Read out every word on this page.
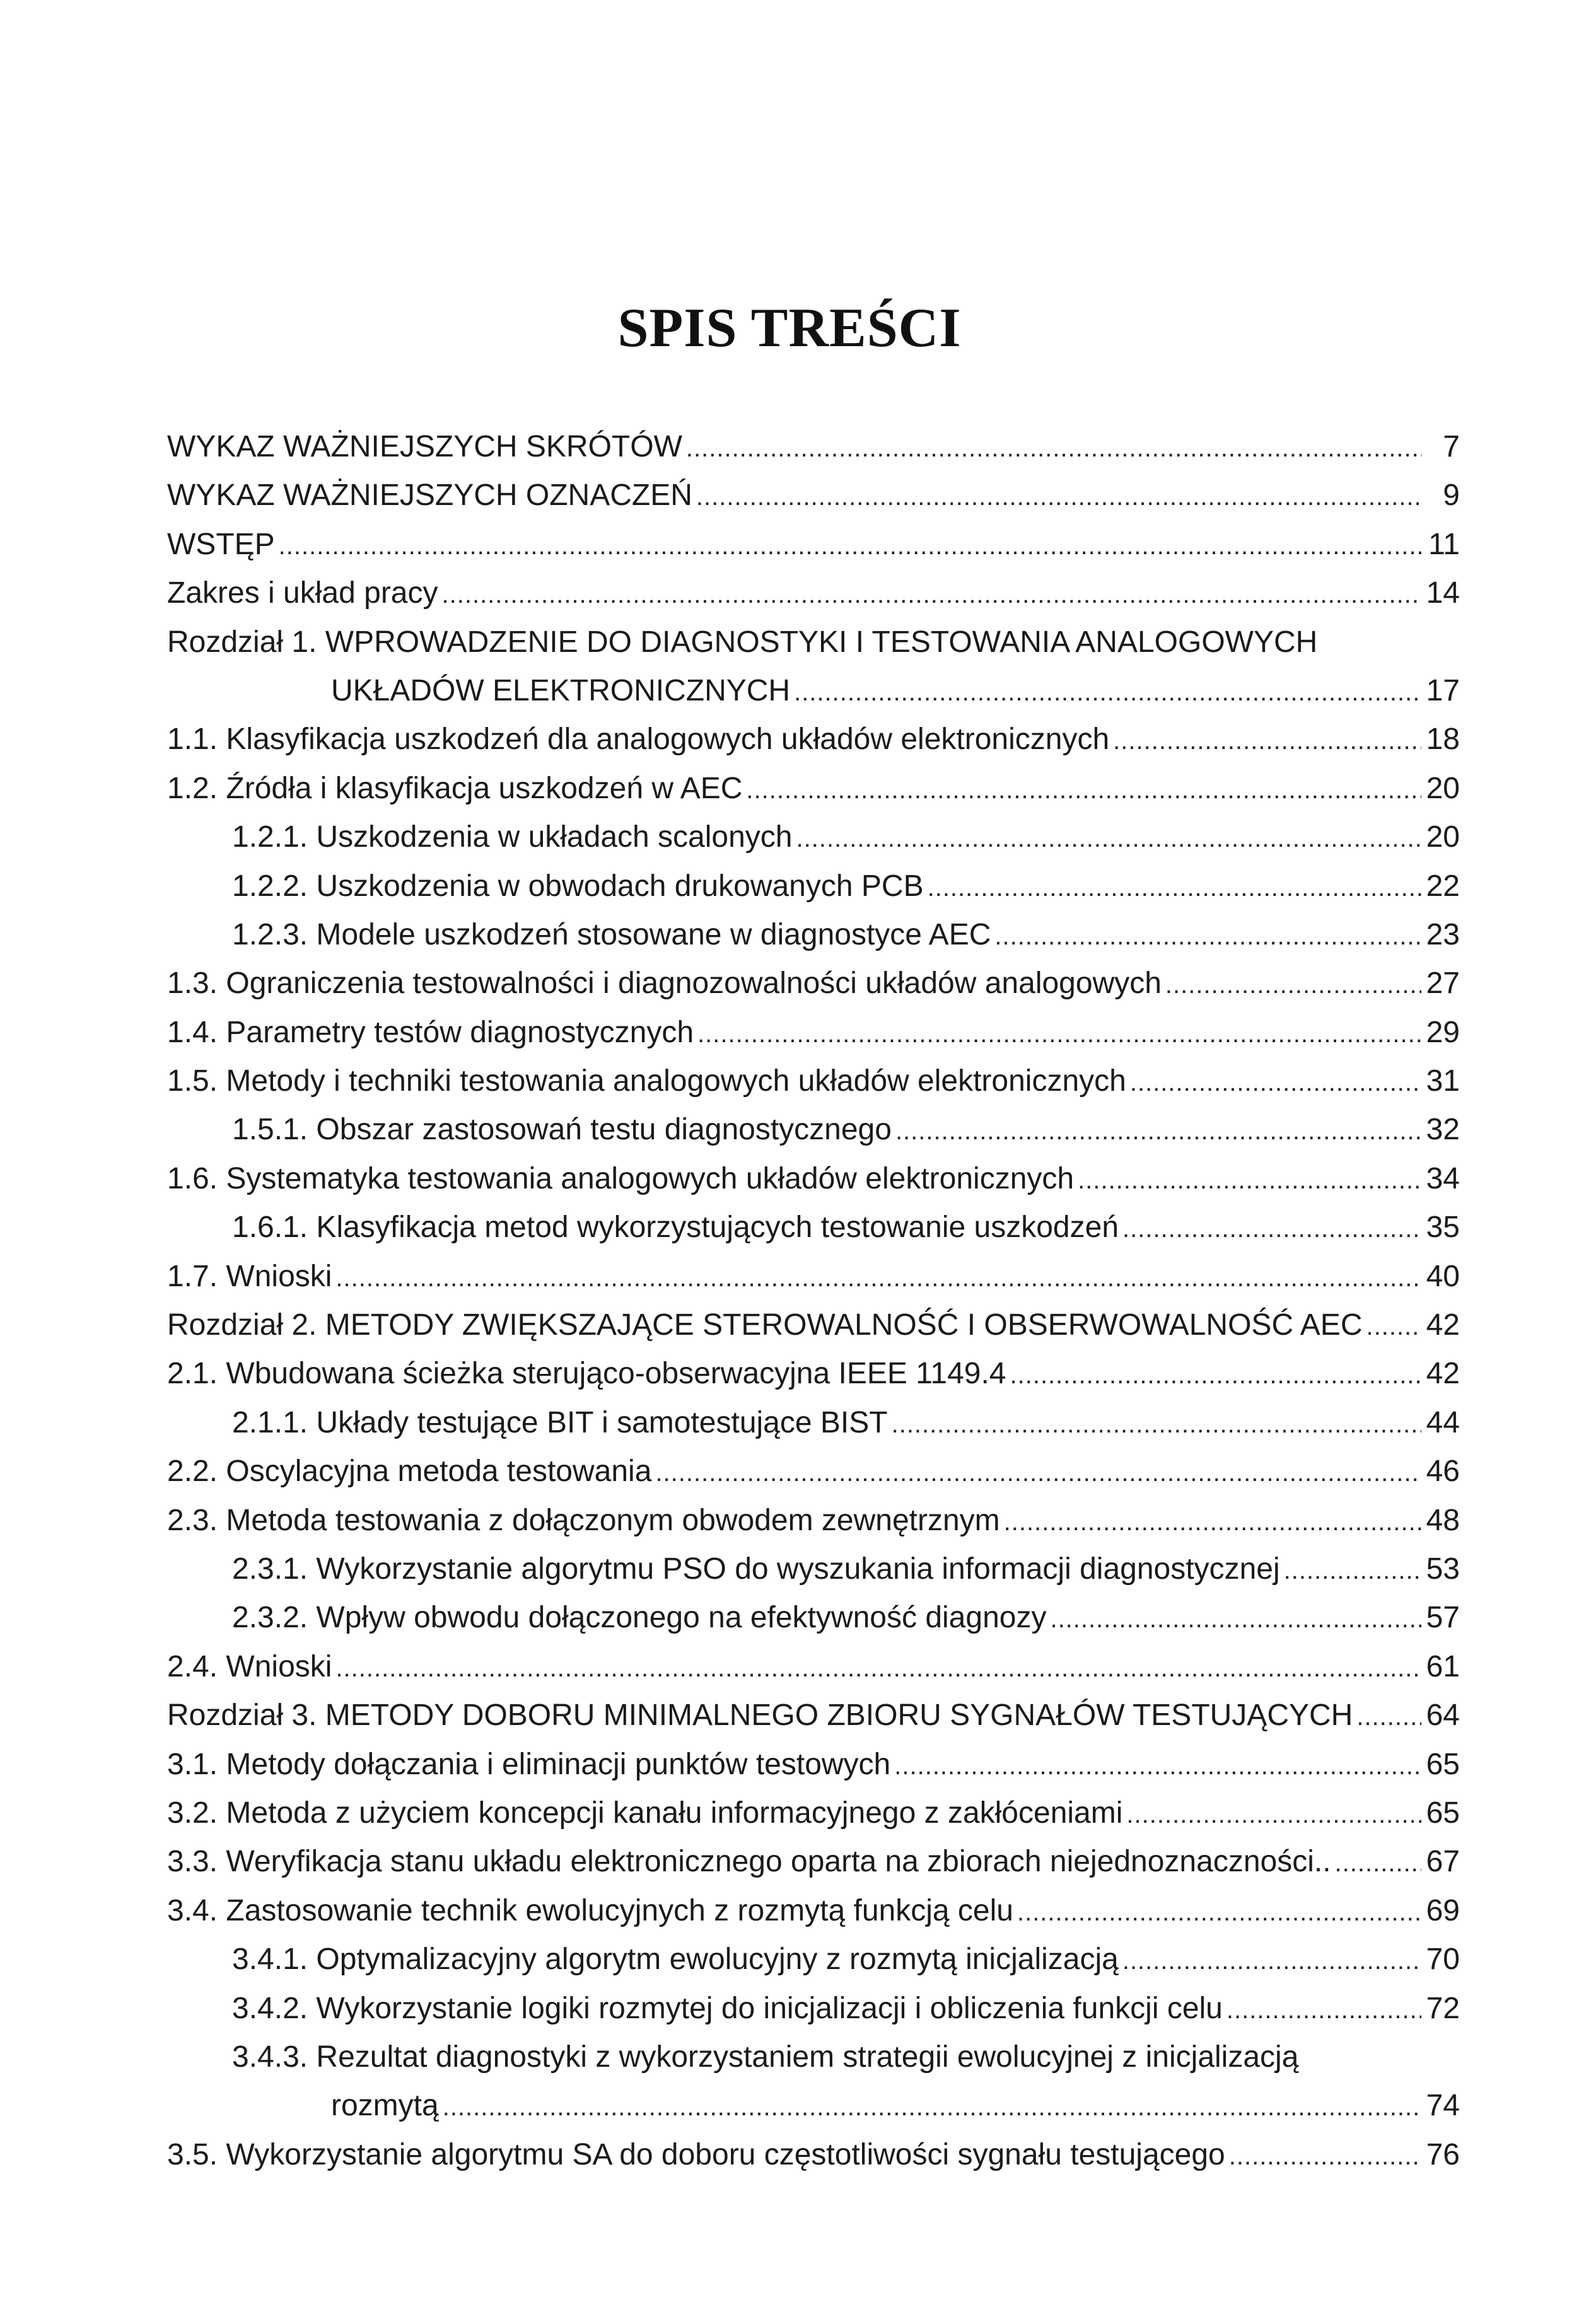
SPIS TREŚCI
WYKAZ WAŻNIEJSZYCH SKRÓTÓW .....	7
WYKAZ WAŻNIEJSZYCH OZNACZEŃ .....	9
WSTĘP .....	11
Zakres i układ pracy .....	14
Rozdział 1. WPROWADZENIE DO DIAGNOSTYKI I TESTOWANIA ANALOGOWYCH
UKŁADÓW ELEKTRONICZNYCH .....	17
1.1. Klasyfikacja uszkodzeń dla analogowych układów elektronicznych .....	18
1.2. Źródła i klasyfikacja uszkodzeń w AEC .....	20
1.2.1. Uszkodzenia w układach scalonych .....	20
1.2.2. Uszkodzenia w obwodach drukowanych PCB .....	22
1.2.3. Modele uszkodzeń stosowane w diagnostyce AEC .....	23
1.3. Ograniczenia testowalności i diagnozowalności układów analogowych .....	27
1.4. Parametry testów diagnostycznych .....	29
1.5. Metody i techniki testowania analogowych układów elektronicznych .....	31
1.5.1. Obszar zastosowań testu diagnostycznego .....	32
1.6. Systematyka testowania analogowych układów elektronicznych .....	34
1.6.1. Klasyfikacja metod wykorzystujących testowanie uszkodzeń .....	35
1.7. Wnioski .....	40
Rozdział 2. METODY ZWIĘKSZAJĄCE STEROWALNOŚĆ I OBSERWOWALNOŚĆ AEC ..... 42
2.1. Wbudowana ścieżka sterująco-obserwacyjna IEEE 1149.4 .....	42
2.1.1. Układy testujące BIT i samotestujące BIST .....	44
2.2. Oscylacyjna metoda testowania .....	46
2.3. Metoda testowania z dołączonym obwodem zewnętrznym .....	48
2.3.1. Wykorzystanie algorytmu PSO do wyszukania informacji diagnostycznej .....	53
2.3.2. Wpływ obwodu dołączonego na efektywność diagnozy .....	57
2.4. Wnioski .....	61
Rozdział 3. METODY DOBORU MINIMALNEGO ZBIORU SYGNAŁÓW TESTUJĄCYCH ..... 64
3.1. Metody dołączania i eliminacji punktów testowych .....	65
3.2. Metoda z użyciem koncepcji kanału informacyjnego z zakłóceniami .....	65
3.3. Weryfikacja stanu układu elektronicznego oparta na zbiorach niejednoznaczności.. .....	67
3.4. Zastosowanie technik ewolucyjnych z rozmytą funkcją celu .....	69
3.4.1. Optymalizacyjny algorytm ewolucyjny z rozmytą inicjalizacją .....	70
3.4.2. Wykorzystanie logiki rozmytej do inicjalizacji i obliczenia funkcji celu .....	72
3.4.3. Rezultat diagnostyki z wykorzystaniem strategii ewolucyjnej z inicjalizacją
rozmytą .....	74
3.5. Wykorzystanie algorytmu SA do doboru częstotliwości sygnału testującego .....	76
